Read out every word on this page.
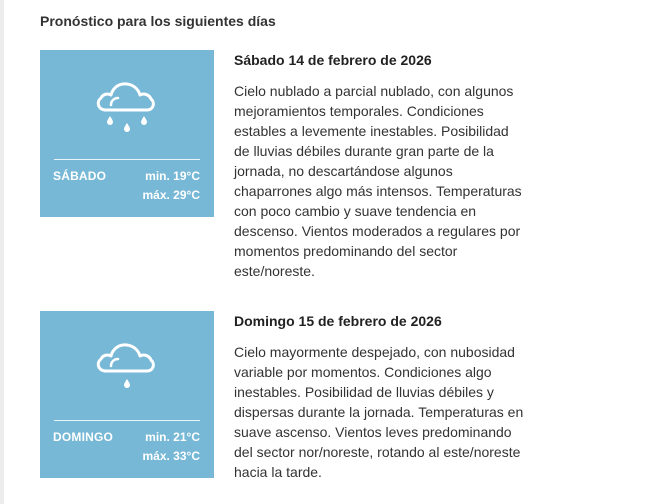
Pronóstico para los siguientes días
SÁBADO	min. 19°C
máx. 29°C

Sábado 14 de febrero de 2026

Cielo nublado a parcial nublado, con algunos mejoramientos temporales. Condiciones estables a levemente inestables. Posibilidad de lluvias débiles durante gran parte de la jornada, no descartándose algunos chaparrones algo más intensos. Temperaturas con poco cambio y suave tendencia en descenso. Vientos moderados a regulares por momentos predominando del sector este/noreste.

DOMINGO	min. 21°C
máx. 33°C

Domingo 15 de febrero de 2026

Cielo mayormente despejado, con nubosidad variable por momentos. Condiciones algo inestables. Posibilidad de lluvias débiles y dispersas durante la jornada. Temperaturas en suave ascenso. Vientos leves predominando del sector nor/noreste, rotando al este/noreste hacia la tarde.
